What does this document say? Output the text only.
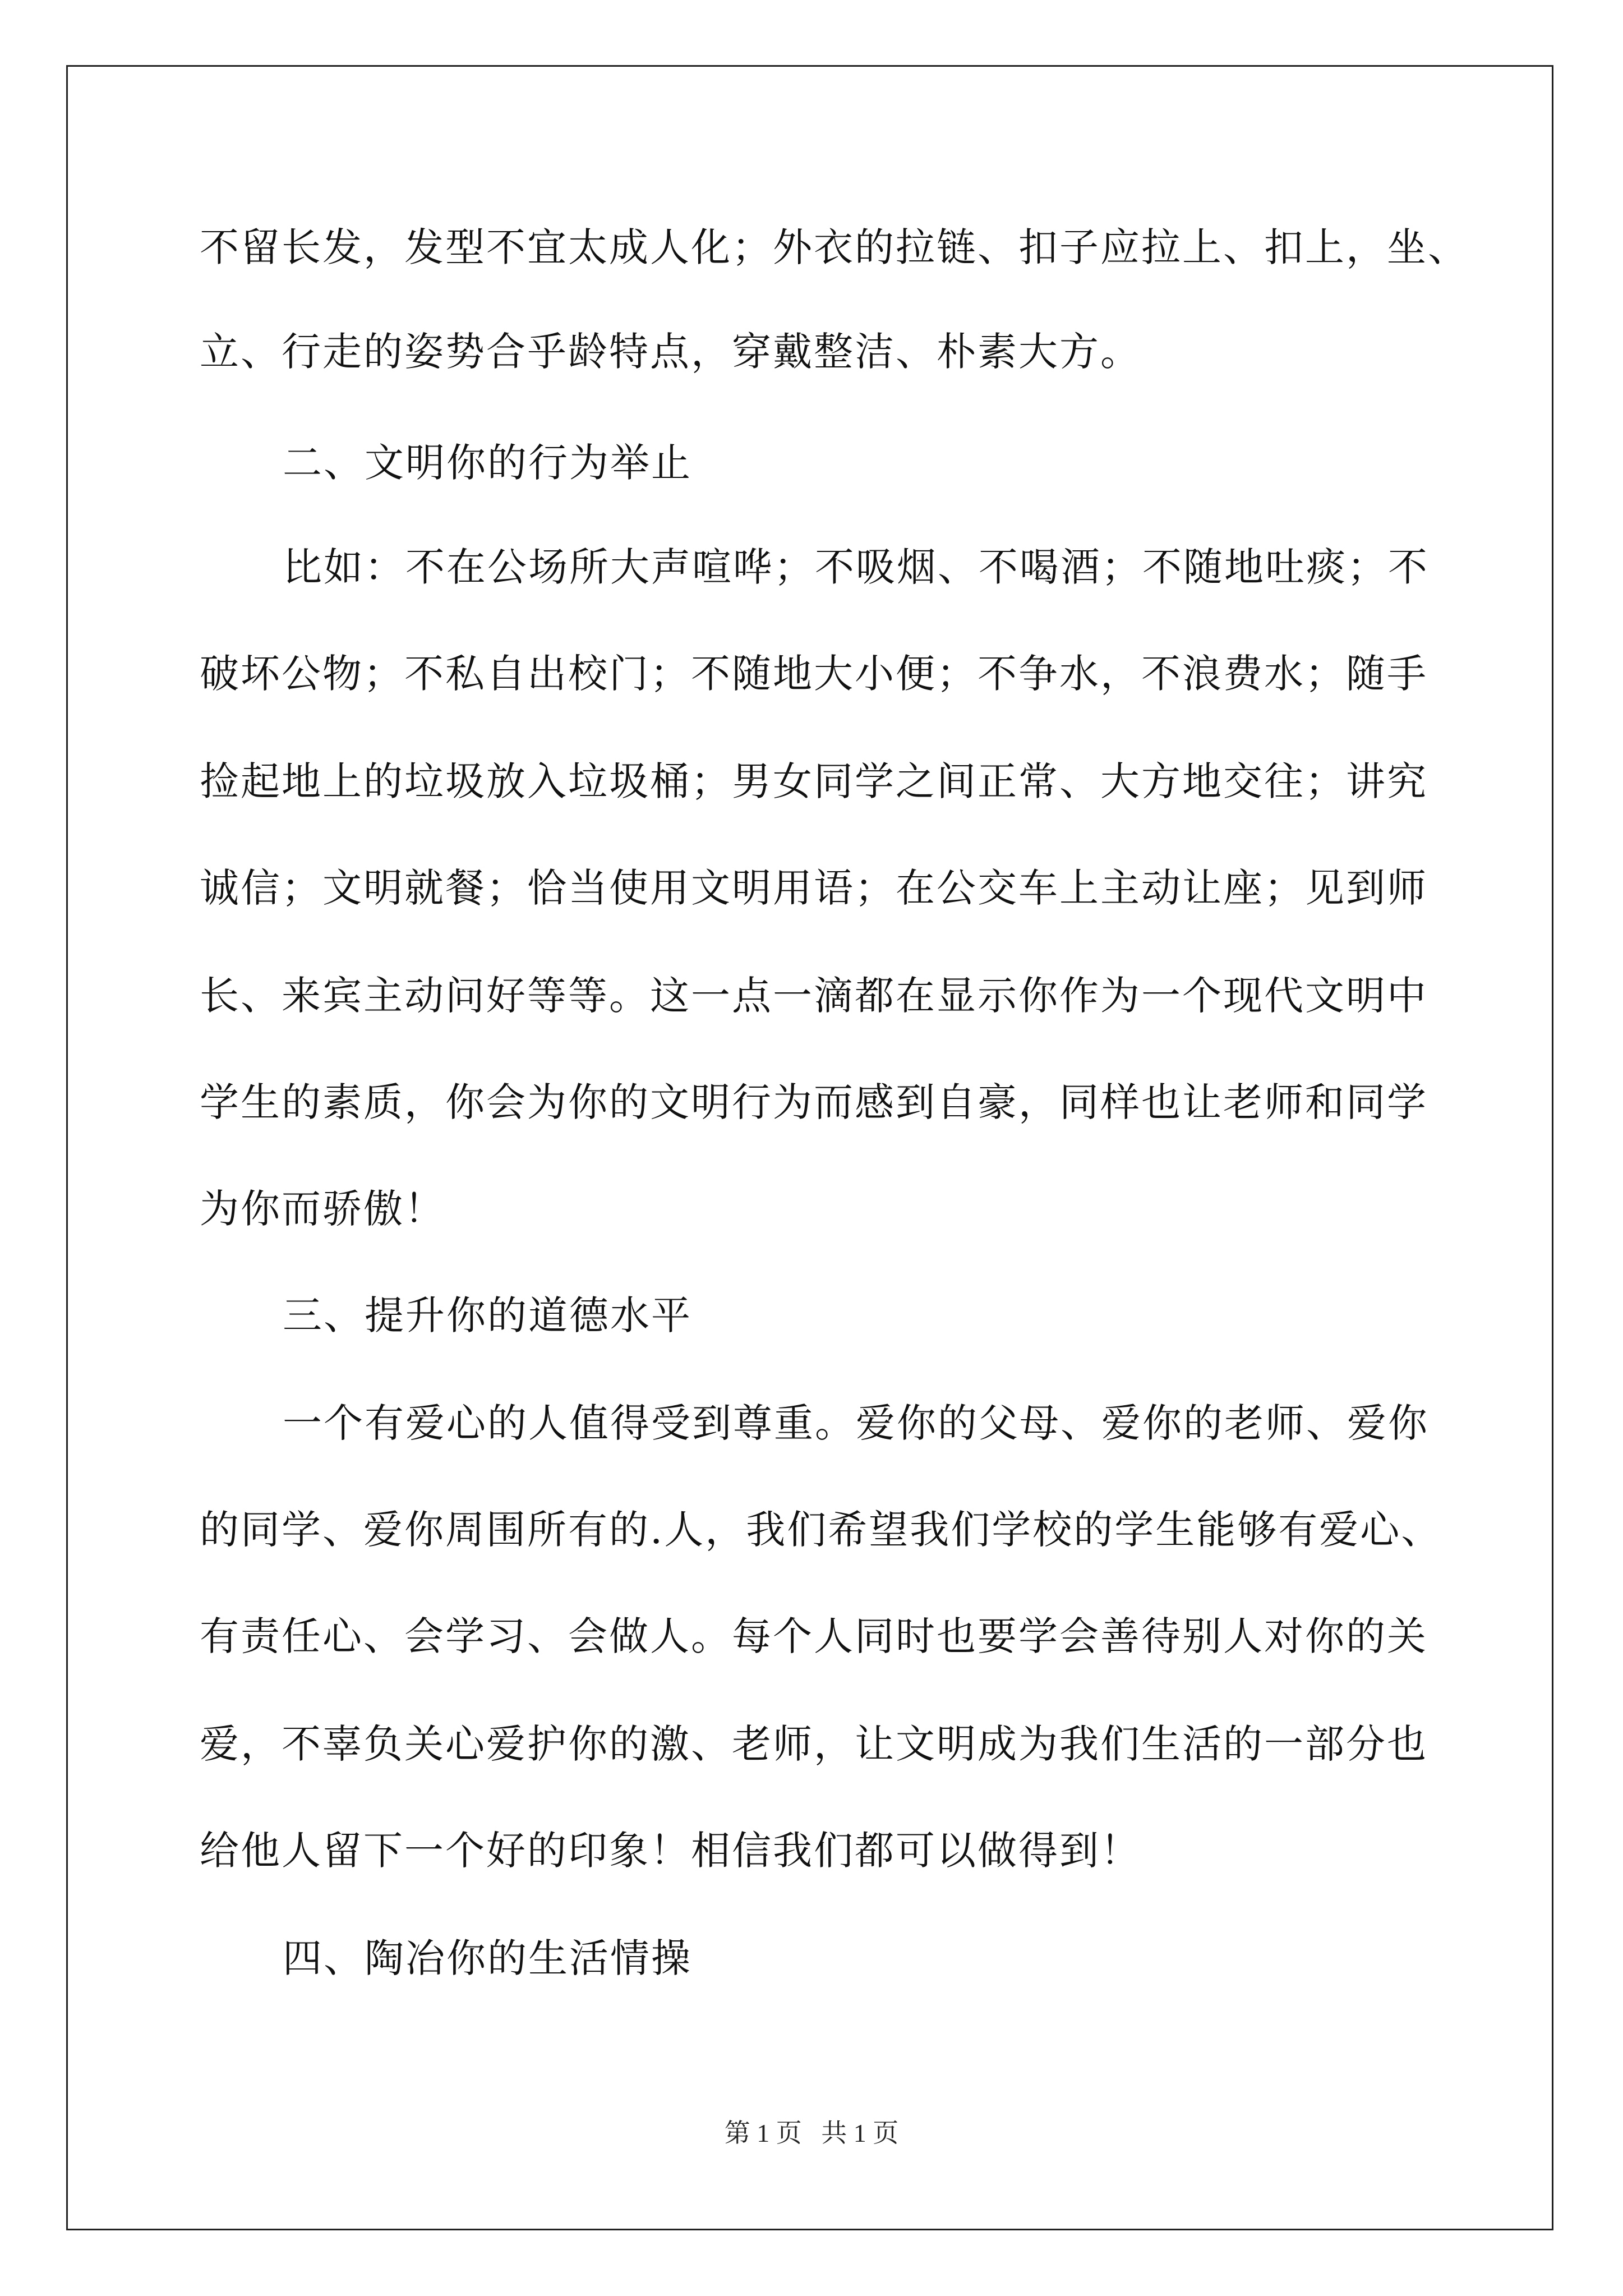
不留长发，发型不宜太成人化；外衣的拉链、扣子应拉上、扣上，坐、
立、行走的姿势合乎龄特点，穿戴整洁、朴素大方。
二、文明你的行为举止
比如：不在公场所大声喧哗；不吸烟、不喝酒；不随地吐痰；不
破坏公物；不私自出校门；不随地大小便；不争水，不浪费水；随手
捡起地上的垃圾放入垃圾桶；男女同学之间正常、大方地交往；讲究
诚信；文明就餐；恰当使用文明用语；在公交车上主动让座；见到师
长、来宾主动问好等等。这一点一滴都在显示你作为一个现代文明中
学生的素质，你会为你的文明行为而感到自豪，同样也让老师和同学
为你而骄傲！
三、提升你的道德水平
一个有爱心的人值得受到尊重。爱你的父母、爱你的老师、爱你
的同学、爱你周围所有的.人，我们希望我们学校的学生能够有爱心、
有责任心、会学习、会做人。每个人同时也要学会善待别人对你的关
爱，不辜负关心爱护你的激、老师，让文明成为我们生活的一部分也
给他人留下一个好的印象！相信我们都可以做得到！
四、陶冶你的生活情操
第 1 页 共 1 页
